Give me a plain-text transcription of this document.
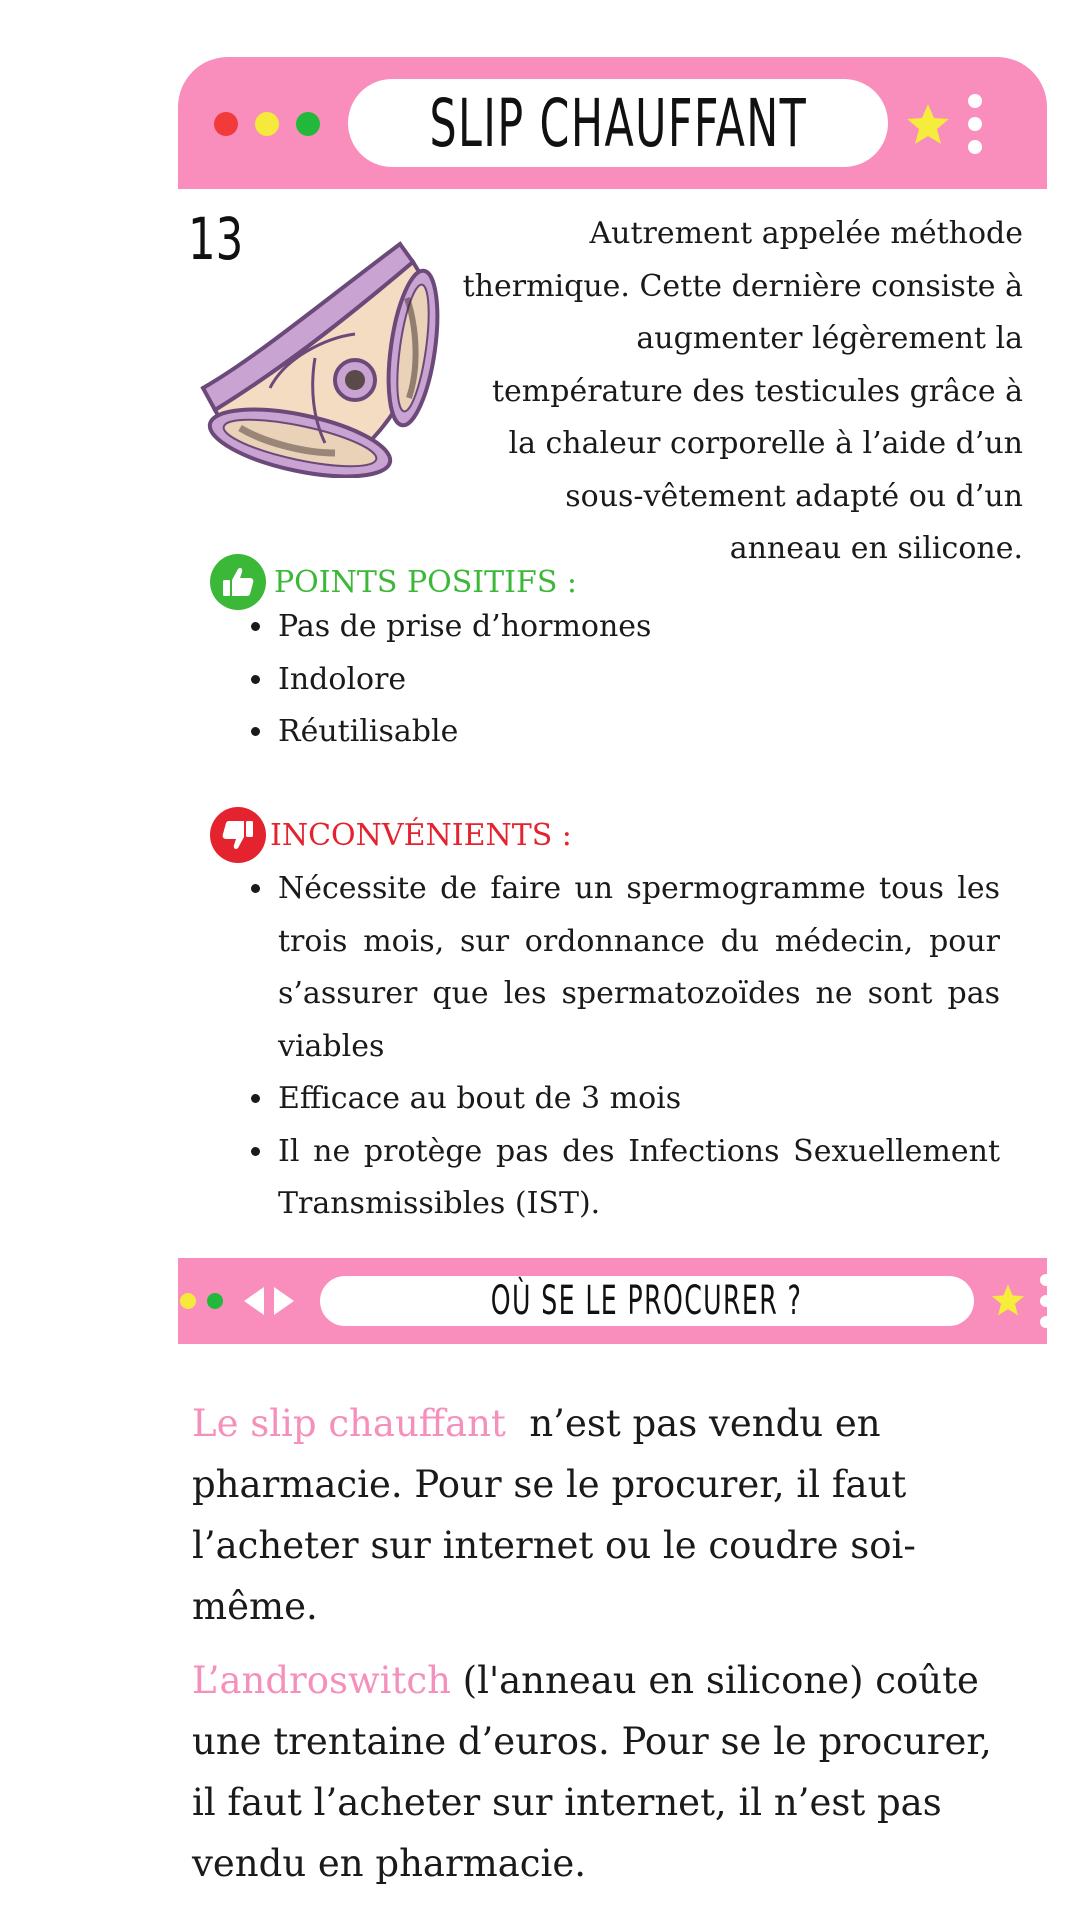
SLIP CHAUFFANT
13	Autrement appelée méthode thermique. Cette dernière consiste à augmenter légèrement la température des testicules grâce à la chaleur corporelle à l’aide d’un sous-vêtement adapté ou d’un anneau en silicone.

POINTS POSITIFS :
• Pas de prise d’hormones
• Indolore
• Réutilisable
INCONVÉNIENTS :
• Nécessite de faire un spermogramme tous les trois mois, sur ordonnance du médecin, pour s’assurer que les spermatozoïdes ne sont pas viables
• Efficace au bout de 3 mois
• Il ne protège pas des Infections Sexuellement Transmissibles (IST).
OÙ SE LE PROCURER ?

Le slip chauffant  n’est pas vendu en pharmacie. Pour se le procurer, il faut l’acheter sur internet ou le coudre soi-même.

L’androswitch (l'anneau en silicone) coûte une trentaine d’euros. Pour se le procurer, il faut l’acheter sur internet, il n’est pas vendu en pharmacie.
